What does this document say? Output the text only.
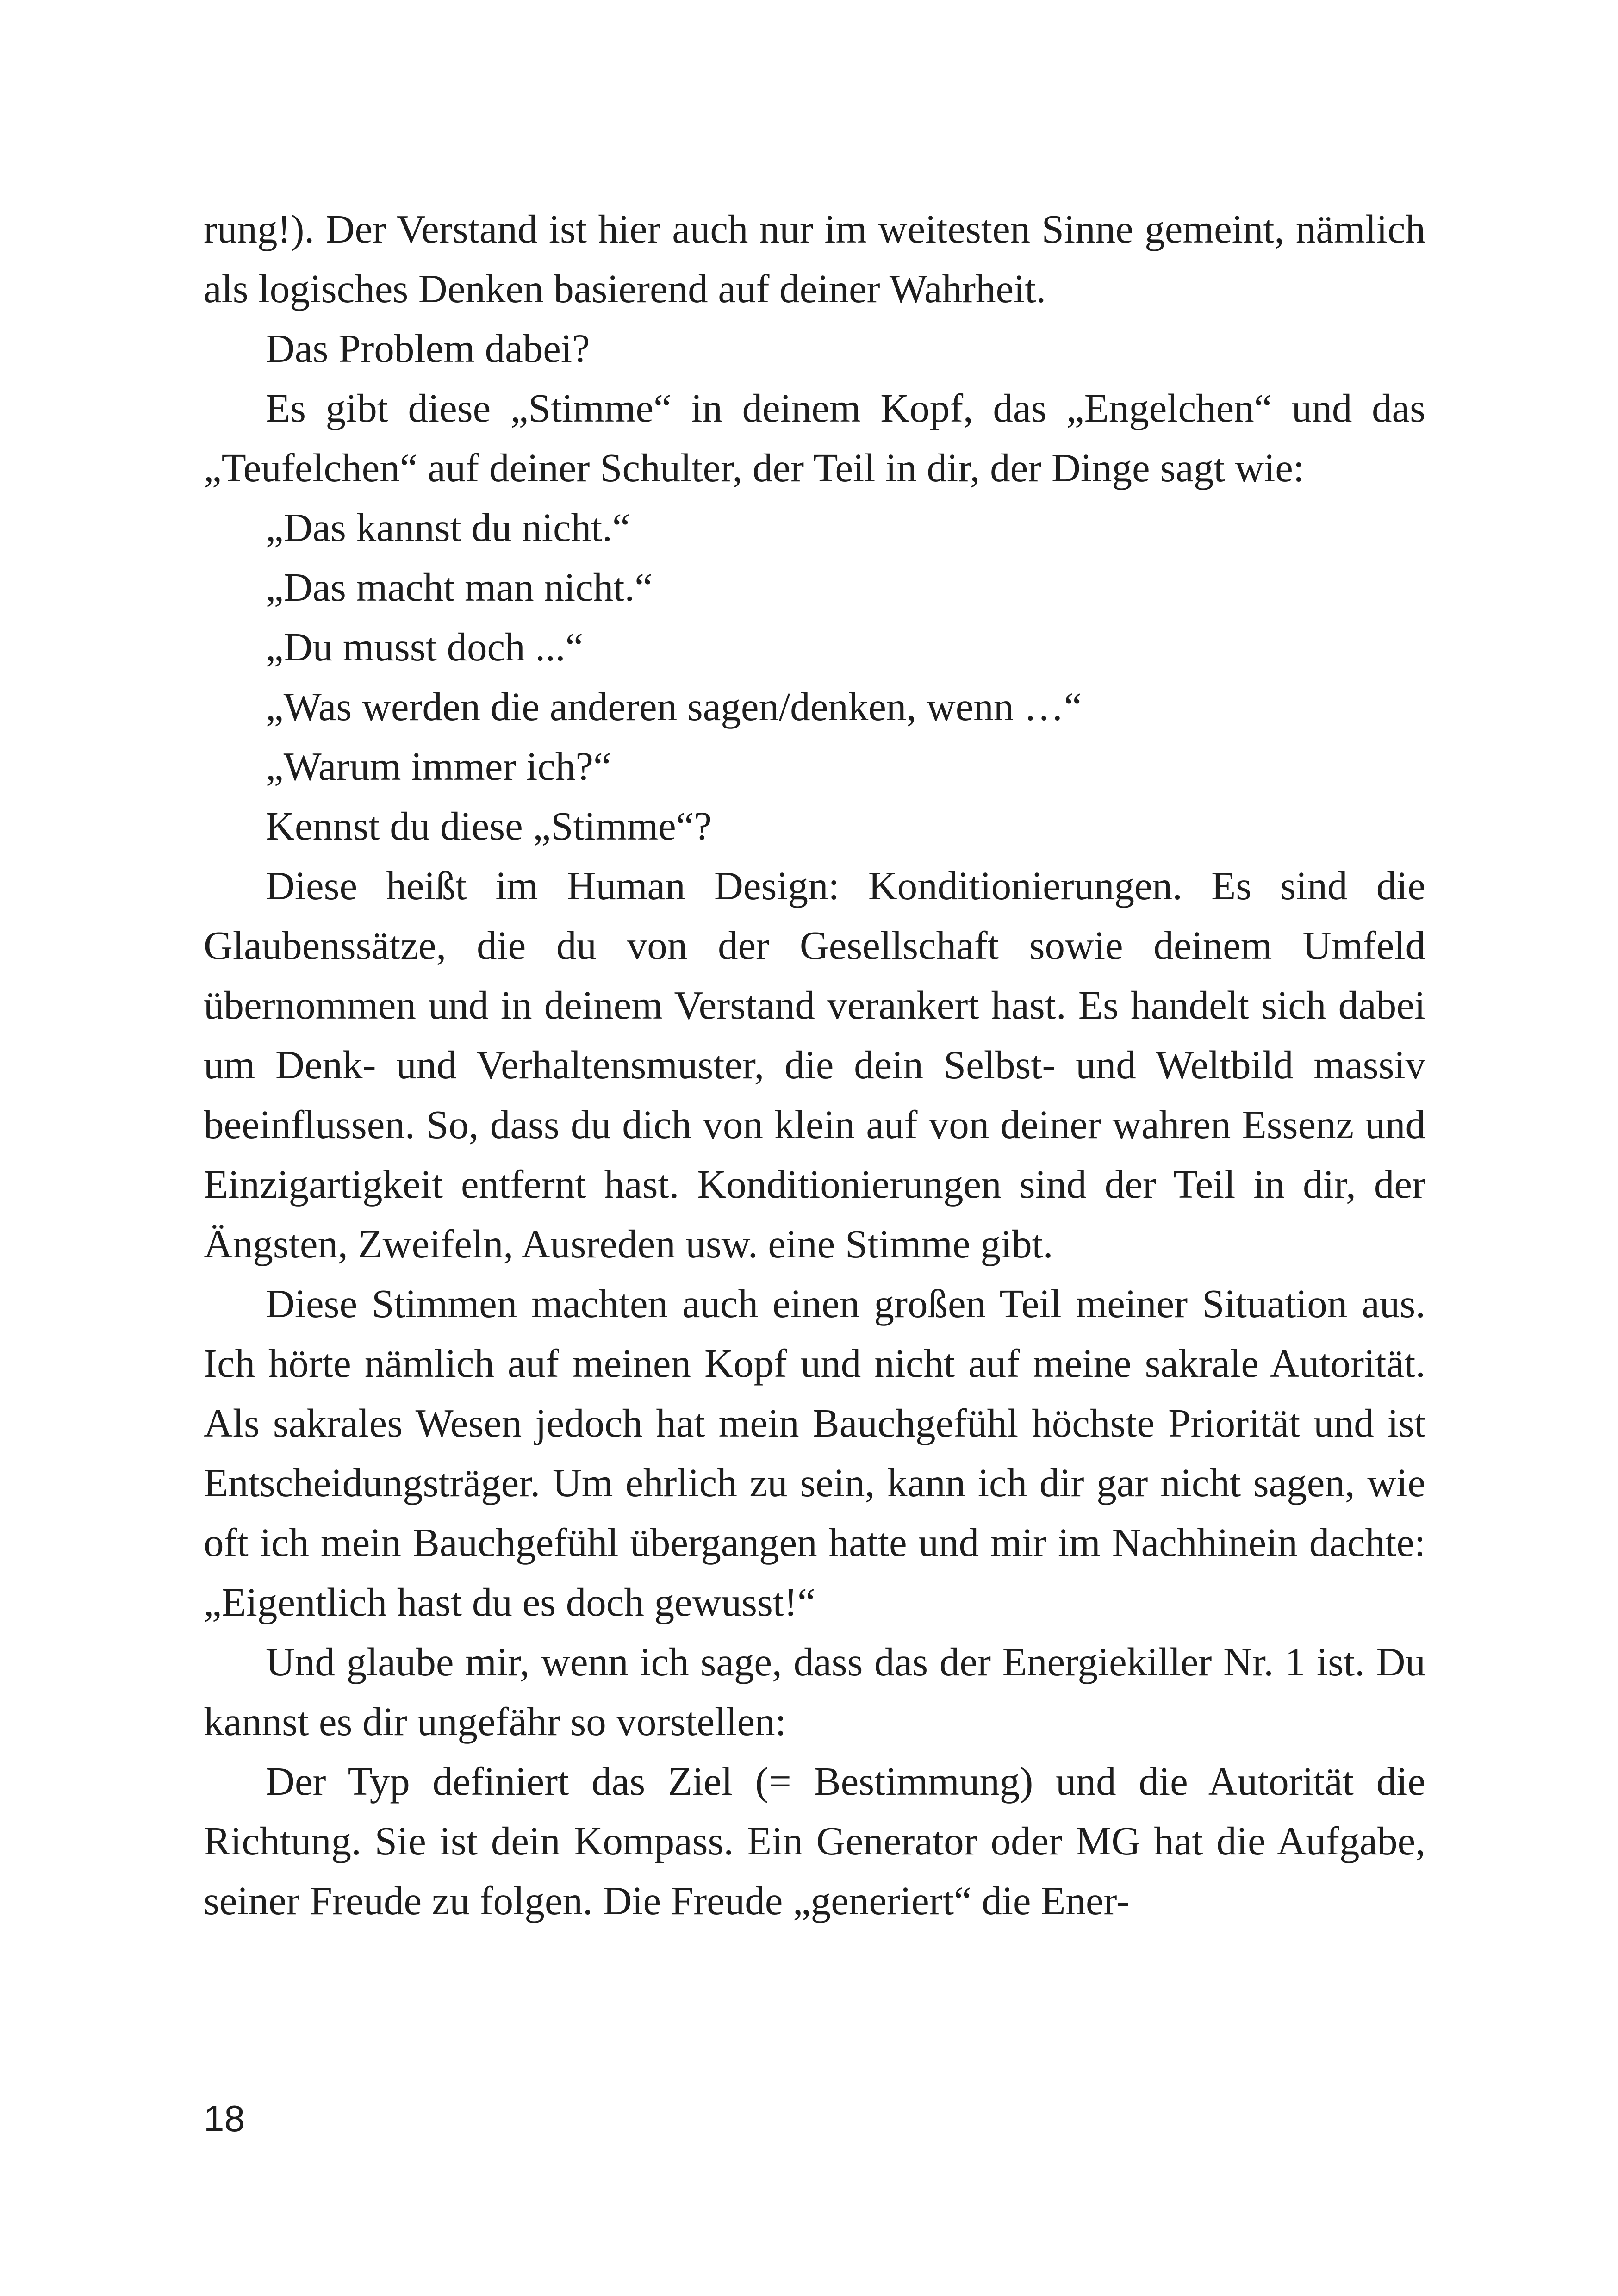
rung!). Der Verstand ist hier auch nur im weitesten Sinne gemeint, nämlich als logisches Denken basierend auf deiner Wahrheit.

Das Problem dabei?

Es gibt diese „Stimme“ in deinem Kopf, das „Engelchen“ und das „Teufelchen“ auf deiner Schulter, der Teil in dir, der Dinge sagt wie:

„Das kannst du nicht.“

„Das macht man nicht.“

„Du musst doch ...“

„Was werden die anderen sagen/denken, wenn …“

„Warum immer ich?“

Kennst du diese „Stimme“?

Diese heißt im Human Design: Konditionierungen. Es sind die Glaubenssätze, die du von der Gesellschaft sowie deinem Umfeld übernommen und in deinem Verstand verankert hast. Es handelt sich dabei um Denk- und Verhaltensmuster, die dein Selbst- und Weltbild massiv beeinflussen. So, dass du dich von klein auf von deiner wahren Essenz und Einzigartigkeit entfernt hast. Konditionierungen sind der Teil in dir, der Ängsten, Zweifeln, Ausreden usw. eine Stimme gibt.

Diese Stimmen machten auch einen großen Teil meiner Situation aus. Ich hörte nämlich auf meinen Kopf und nicht auf meine sakrale Autorität. Als sakrales Wesen jedoch hat mein Bauchgefühl höchste Priorität und ist Entscheidungsträger. Um ehrlich zu sein, kann ich dir gar nicht sagen, wie oft ich mein Bauchgefühl übergangen hatte und mir im Nachhinein dachte: „Eigentlich hast du es doch gewusst!“

Und glaube mir, wenn ich sage, dass das der Energiekiller Nr. 1 ist. Du kannst es dir ungefähr so vorstellen:

Der Typ definiert das Ziel (= Bestimmung) und die Autorität die Richtung. Sie ist dein Kompass. Ein Generator oder MG hat die Aufgabe, seiner Freude zu folgen. Die Freude „generiert“ die Ener-

18
